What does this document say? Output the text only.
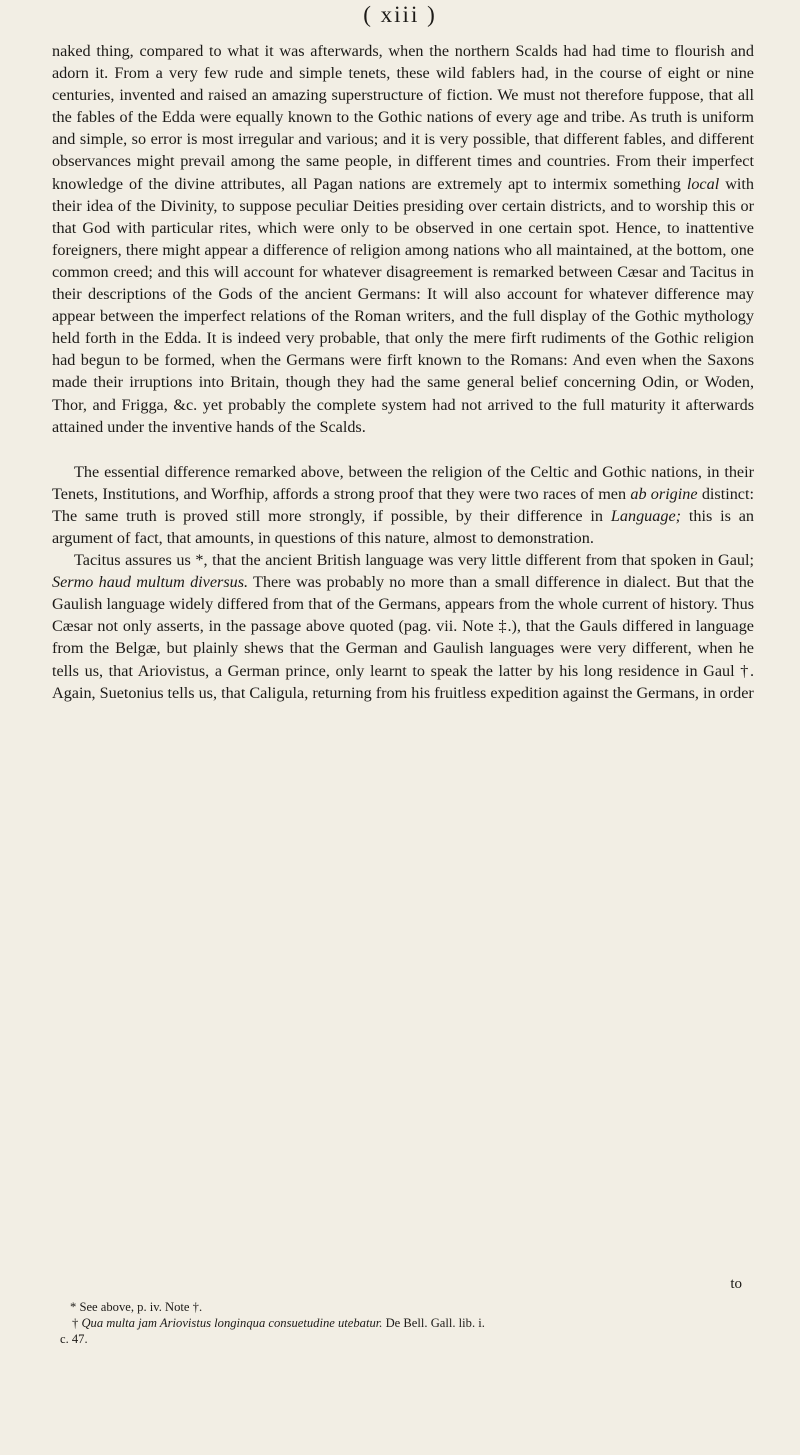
( xiii )

naked thing, compared to what it was afterwards, when the northern Scalds had had time to flourish and adorn it. From a very few rude and simple tenets, these wild fablers had, in the course of eight or nine centuries, invented and raised an amazing superstructure of fiction. We must not therefore fuppose, that all the fables of the Edda were equally known to the Gothic nations of every age and tribe. As truth is uniform and simple, so error is most irregular and various; and it is very possible, that different fables, and different observances might prevail among the same people, in different times and countries. From their imperfect knowledge of the divine attributes, all Pagan nations are extremely apt to intermix something local with their idea of the Divinity, to suppose peculiar Deities presiding over certain districts, and to worship this or that God with particular rites, which were only to be observed in one certain spot. Hence, to inattentive foreigners, there might appear a difference of religion among nations who all maintained, at the bottom, one common creed; and this will account for whatever disagreement is remarked between Cæsar and Tacitus in their descriptions of the Gods of the ancient Germans: It will also account for whatever difference may appear between the imperfect relations of the Roman writers, and the full display of the Gothic mythology held forth in the Edda. It is indeed very probable, that only the mere firft rudiments of the Gothic religion had begun to be formed, when the Germans were firft known to the Romans: And even when the Saxons made their irruptions into Britain, though they had the same general belief concerning Odin, or Woden, Thor, and Frigga, &c. yet probably the complete system had not arrived to the full maturity it afterwards attained under the inventive hands of the Scalds.

The essential difference remarked above, between the religion of the Celtic and Gothic nations, in their Tenets, Institutions, and Worfhip, affords a strong proof that they were two races of men ab origine distinct: The same truth is proved still more strongly, if possible, by their difference in Language; this is an argument of fact, that amounts, in questions of this nature, almost to demonstration.

Tacitus assures us *, that the ancient British language was very little different from that spoken in Gaul; Sermo haud multum diversus. There was probably no more than a small difference in dialect. But that the Gaulish language widely differed from that of the Germans, appears from the whole current of history. Thus Cæsar not only asserts, in the passage above quoted (pag. vii. Note ‡.), that the Gauls differed in language from the Belgæ, but plainly shews that the German and Gaulish languages were very different, when he tells us, that Ariovistus, a German prince, only learnt to speak the latter by his long residence in Gaul †. Again, Suetonius tells us, that Caligula, returning from his fruitless expedition against the Germans, in order

to
* See above, p. iv. Note †.
† Qua multa jam Ariovistus longinqua consuetudine utebatur. De Bell. Gall. lib. i.
c. 47.
